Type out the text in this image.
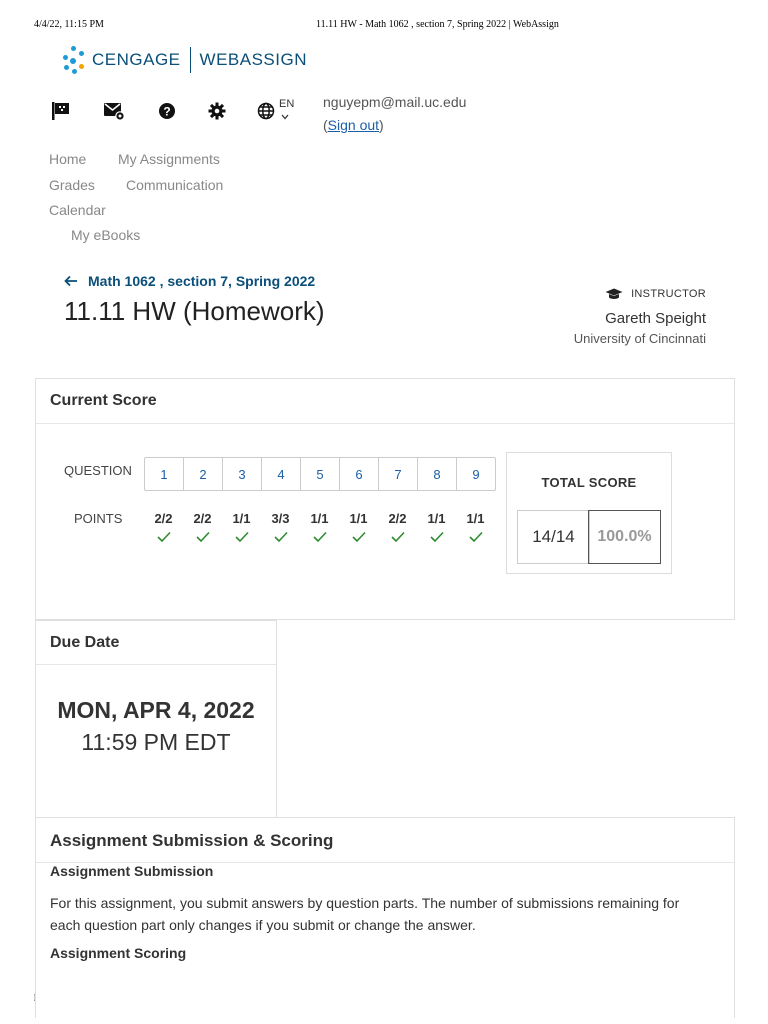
4/4/22, 11:15 PM	11.11 HW - Math 1062 , section 7, Spring 2022 | WebAssign
CENGAGE WEBASSIGN
?
EN nguyepm@mail.uc.edu
(Sign out)
Home My Assignments
Grades Communication
Calendar
My eBooks
Math 1062 , section 7, Spring 2022
11.11 HW (Homework)
INSTRUCTOR
Gareth Speight
University of Cincinnati
Current Score
QUESTION	1	2	3	4	5	6	7	8	9
POINTS	2/2	2/2	1/1	3/3	1/1	1/1	2/2	1/1	1/1
TOTAL SCORE
14/14	100.0%
Due Date
MON, APR 4, 2022
11:59 PM EDT
Assignment Submission & Scoring
Assignment Submission
For this assignment, you submit answers by question parts. The number of submissions remaining for each question part only changes if you submit or change the answer.
Assignment Scoring
